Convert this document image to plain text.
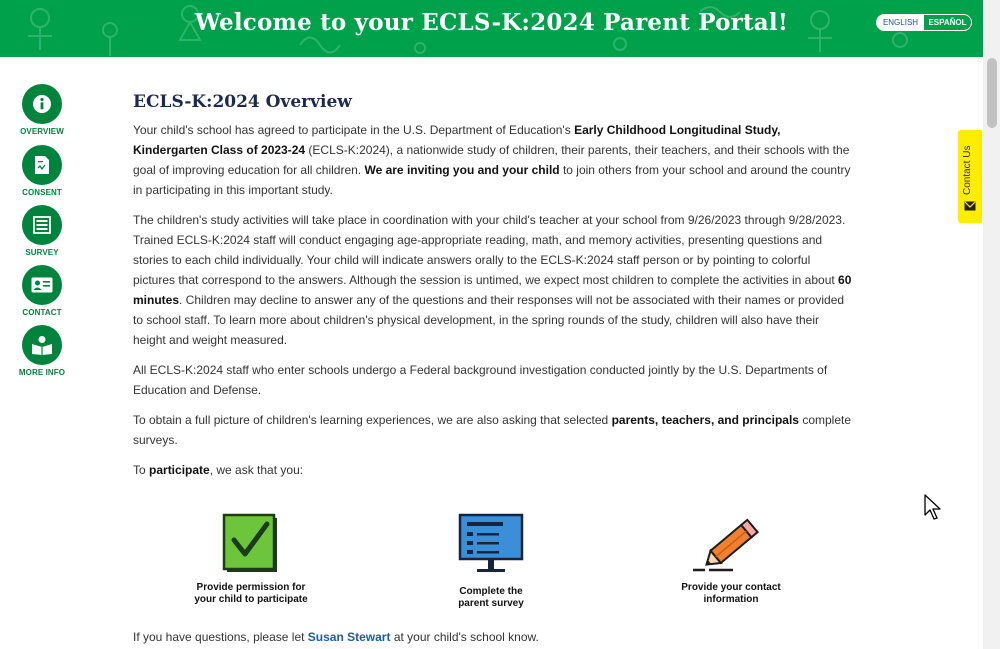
Welcome to your ECLS-K:2024 Parent Portal!	ENGLISH	ESPAÑOL
Contact Us
OVERVIEW
CONSENT
SURVEY
CONTACT
MORE INFO
ECLS-K:2024 Overview

Your child's school has agreed to participate in the U.S. Department of Education's Early Childhood Longitudinal Study, Kindergarten Class of 2023-24 (ECLS-K:2024), a nationwide study of children, their parents, their teachers, and their schools with the goal of improving education for all children. We are inviting you and your child to join others from your school and around the country in participating in this important study.

The children's study activities will take place in coordination with your child's teacher at your school from 9/26/2023 through 9/28/2023. Trained ECLS-K:2024 staff will conduct engaging age-appropriate reading, math, and memory activities, presenting questions and stories to each child individually. Your child will indicate answers orally to the ECLS-K:2024 staff person or by pointing to colorful pictures that correspond to the answers. Although the session is untimed, we expect most children to complete the activities in about 60 minutes. Children may decline to answer any of the questions and their responses will not be associated with their names or provided to school staff. To learn more about children's physical development, in the spring rounds of the study, children will also have their height and weight measured.

All ECLS-K:2024 staff who enter schools undergo a Federal background investigation conducted jointly by the U.S. Departments of Education and Defense.

To obtain a full picture of children's learning experiences, we are also asking that selected parents, teachers, and principals complete surveys.

To participate, we ask that you:

Provide permission for
your child to participate
Complete the
parent survey
Provide your contact
information
If you have questions, please let Susan Stewart at your child's school know.
